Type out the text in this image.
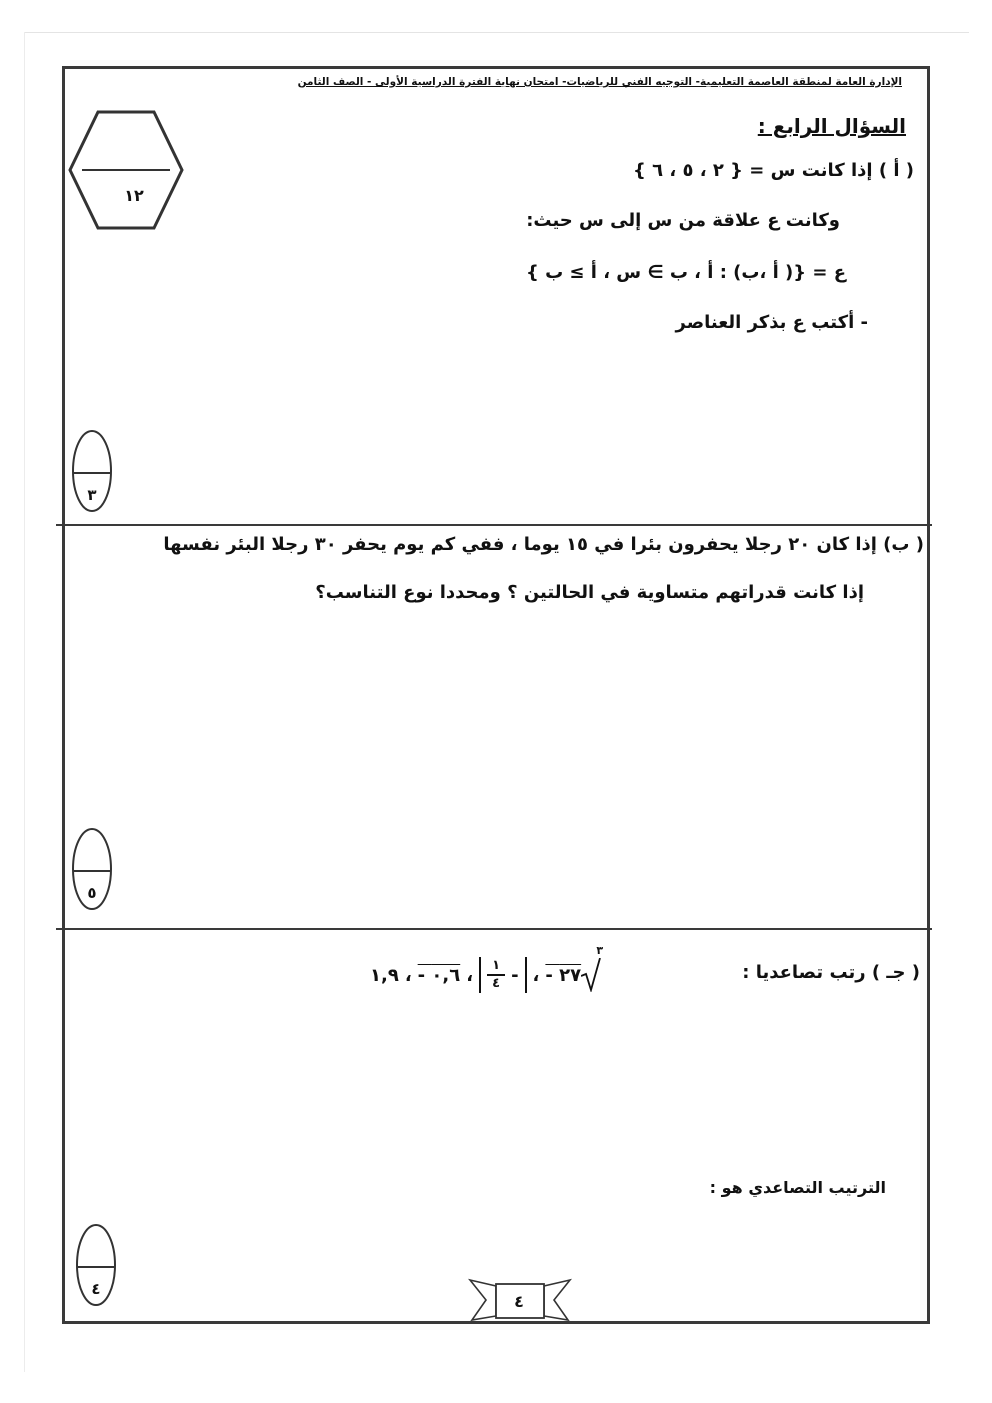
الإدارة العامة لمنطقة العاصمة التعليمية- التوجيه الفني للرياضيات- امتحان نهاية الفترة الدراسية الأولى - الصف الثامن
١٢
السؤال الرابع :
( أ ) إذا كانت س = { ٢ ، ٥ ، ٦ }
وكانت ع علاقة من س إلى س حيث:
ع = {( أ ،ب) : أ ، ب ∋ س ، أ ≥ ب }
- أكتب ع بذكر العناصر
٣
( ب) إذا كان ٢٠ رجلا يحفرون بئرا في ١٥ يوما ، ففي كم يوم يحفر ٣٠ رجلا البئر نفسها
إذا كانت قدراتهم متساوية في الحالتين ؟ ومحددا نوع التناسب؟
٥
( جـ ) رتب تصاعديا :
١,٩ ، - ٠,٦ ، $\frac{١}{٤}$ - ، - ٢٧
٣
الترتيب التصاعدي هو :
٤
٤
